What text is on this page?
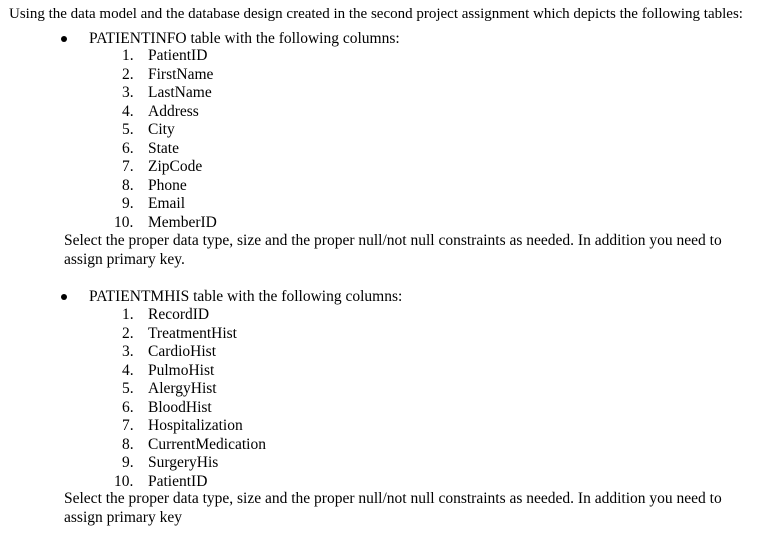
Using the data model and the database design created in the second project assignment which depicts the following tables:
PATIENTINFO table with the following columns:
1. PatientID
2. FirstName
3. LastName
4. Address
5. City
6. State
7. ZipCode
8. Phone
9. Email
10. MemberID
Select the proper data type, size and the proper null/not null constraints as needed. In addition you need to assign primary key.
PATIENTMHIS table with the following columns:
1. RecordID
2. TreatmentHist
3. CardioHist
4. PulmoHist
5. AlergyHist
6. BloodHist
7. Hospitalization
8. CurrentMedication
9. SurgeryHis
10. PatientID
Select the proper data type, size and the proper null/not null constraints as needed. In addition you need to assign primary key
